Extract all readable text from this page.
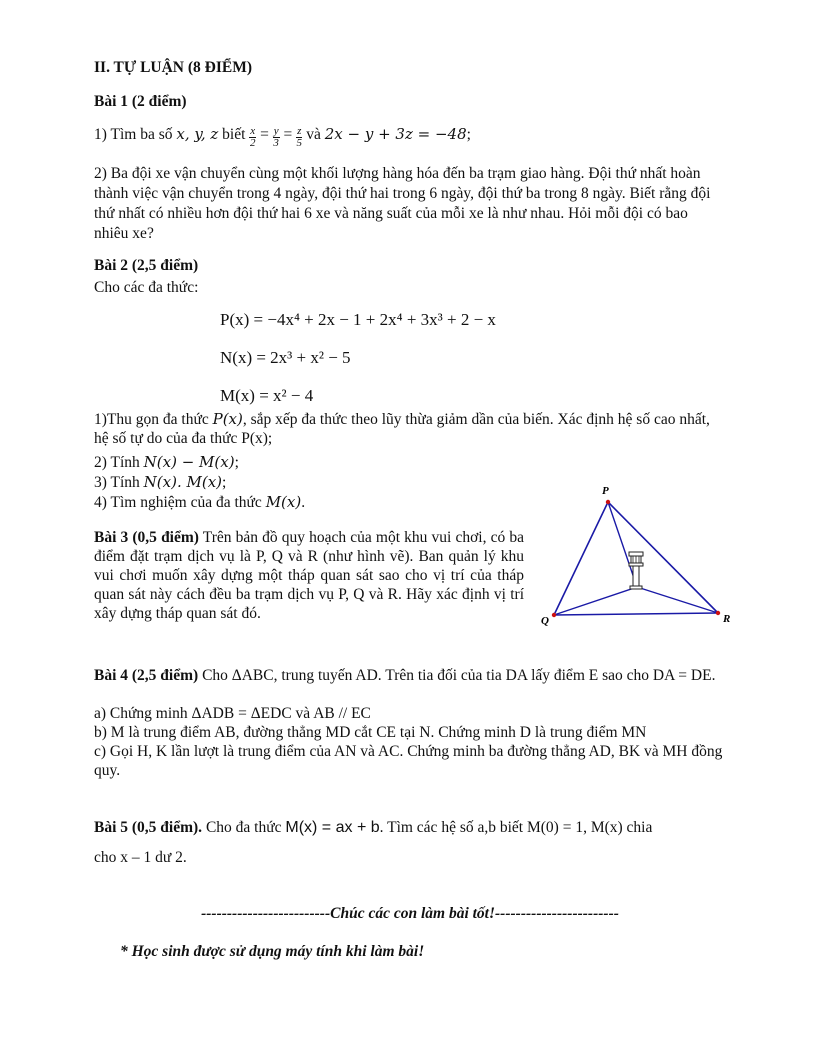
II. TỰ LUẬN (8 ĐIỂM)
Bài 1 (2 điểm)
1) Tìm ba số x, y, z biết $\frac{x}{2} = \frac{y}{3} = \frac{z}{5}$ và 2x − y + 3z = −48;
2) Ba đội xe vận chuyển cùng một khối lượng hàng hóa đến ba trạm giao hàng. Đội thứ nhất hoàn thành việc vận chuyển trong 4 ngày, đội thứ hai trong 6 ngày, đội thứ ba trong 8 ngày. Biết rằng đội thứ nhất có nhiều hơn đội thứ hai 6 xe và năng suất của mỗi xe là như nhau. Hỏi mỗi đội có bao nhiêu xe?
Bài 2 (2,5 điểm)
Cho các đa thức:
P(x) = −4x⁴ + 2x − 1 + 2x⁴ + 3x³ + 2 − x
N(x) = 2x³ + x² − 5
M(x) = x² − 4
1)Thu gọn đa thức P(x), sắp xếp đa thức theo lũy thừa giảm dần của biến. Xác định hệ số cao nhất, hệ số tự do của đa thức P(x);
2) Tính N(x) − M(x);
3) Tính N(x). M(x);
4) Tìm nghiệm của đa thức M(x).
Bài 3 (0,5 điểm) Trên bản đồ quy hoạch của một khu vui chơi, có ba điểm đặt trạm dịch vụ là P, Q và R (như hình vẽ). Ban quản lý khu vui chơi muốn xây dựng một tháp quan sát sao cho vị trí của tháp quan sát này cách đều ba trạm dịch vụ P, Q và R. Hãy xác định vị trí xây dựng tháp quan sát đó.
P
Q	R
Bài 4 (2,5 điểm) Cho ΔABC, trung tuyến AD. Trên tia đối của tia DA lấy điểm E sao cho DA = DE.
a) Chứng minh ΔADB = ΔEDC và AB // EC
b) M là trung điểm AB, đường thẳng MD cắt CE tại N. Chứng minh D là trung điểm MN
c) Gọi H, K lần lượt là trung điểm của AN và AC. Chứng minh ba đường thẳng AD, BK và MH đồng quy.
Bài 5 (0,5 điểm). Cho đa thức M(x) = ax + b. Tìm các hệ số a,b biết M(0) = 1, M(x) chia
cho x – 1 dư 2.
-------------------------Chúc các con làm bài tốt!------------------------
* Học sinh được sử dụng máy tính khi làm bài!
